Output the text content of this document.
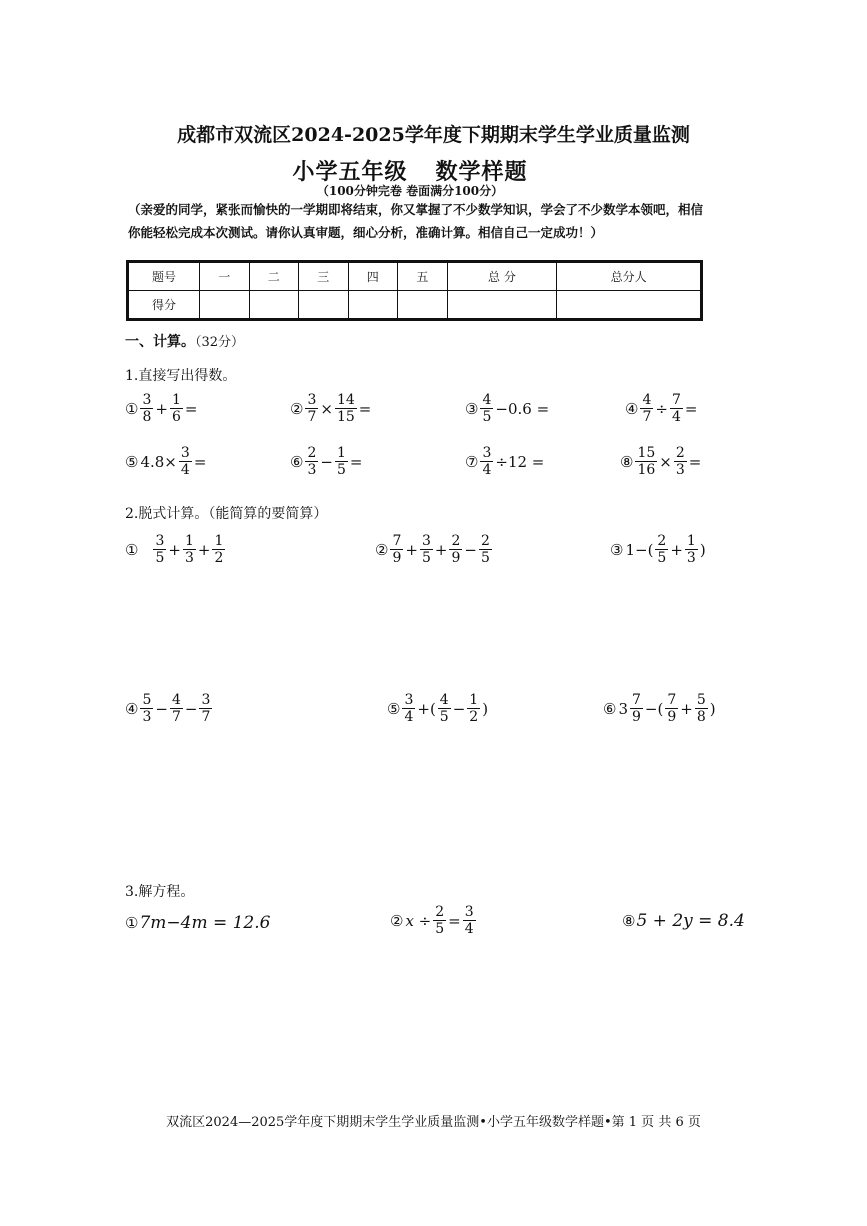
成都市双流区2024-2025学年度下期期末学生学业质量监测
小学五年级 数学样题
（100分钟完卷 卷面满分100分）
（亲爱的同学，紧张而愉快的一学期即将结束，你又掌握了不少数学知识，学会了不少数学本领吧，相信你能轻松完成本次测试。请你认真审题，细心分析，准确计算。相信自己一定成功！）
题号	一	二	三	四	五	总 分	总分人
得分							
一、计算。（32分）
1.直接写出得数。
① $\frac{3}{8} + \frac{1}{6}$ =	② $\frac{3}{7} \times \frac{14}{15}$ =	③ $\frac{4}{5} -0.6$ =	④ $\frac{4}{7} \div \frac{7}{4}$ =
⑤ $4.8\times \frac{3}{4}$ =	⑥ $\frac{2}{3} - \frac{1}{5}$ =	⑦ $\frac{3}{4} \div 12$ =	⑧ $\frac{15}{16} \times \frac{2}{3}$ =
2.脱式计算。（能简算的要简算）
① $\frac{3}{5} + \frac{1}{3} + \frac{1}{2}$	② $\frac{7}{9} + \frac{3}{5} + \frac{2}{9} - \frac{2}{5}$	③ $1-( \frac{2}{5} + \frac{1}{3}$ )
④ $\frac{5}{3} - \frac{4}{7} - \frac{3}{7}$	⑤ $\frac{3}{4}$ +( $\frac{4}{5} - \frac{1}{2}$ )	⑥ $3 \frac{7}{9}$ −( $\frac{7}{9} + \frac{5}{8}$ )
3.解方程。
① 7m−4m = 12.6	② $x \div \frac{2}{5} = \frac{3}{4}$	⑧ 5 + 2y = 8.4
双流区2024—2025学年度下期期末学生学业质量监测•小学五年级数学样题•第 1 页 共 6 页
